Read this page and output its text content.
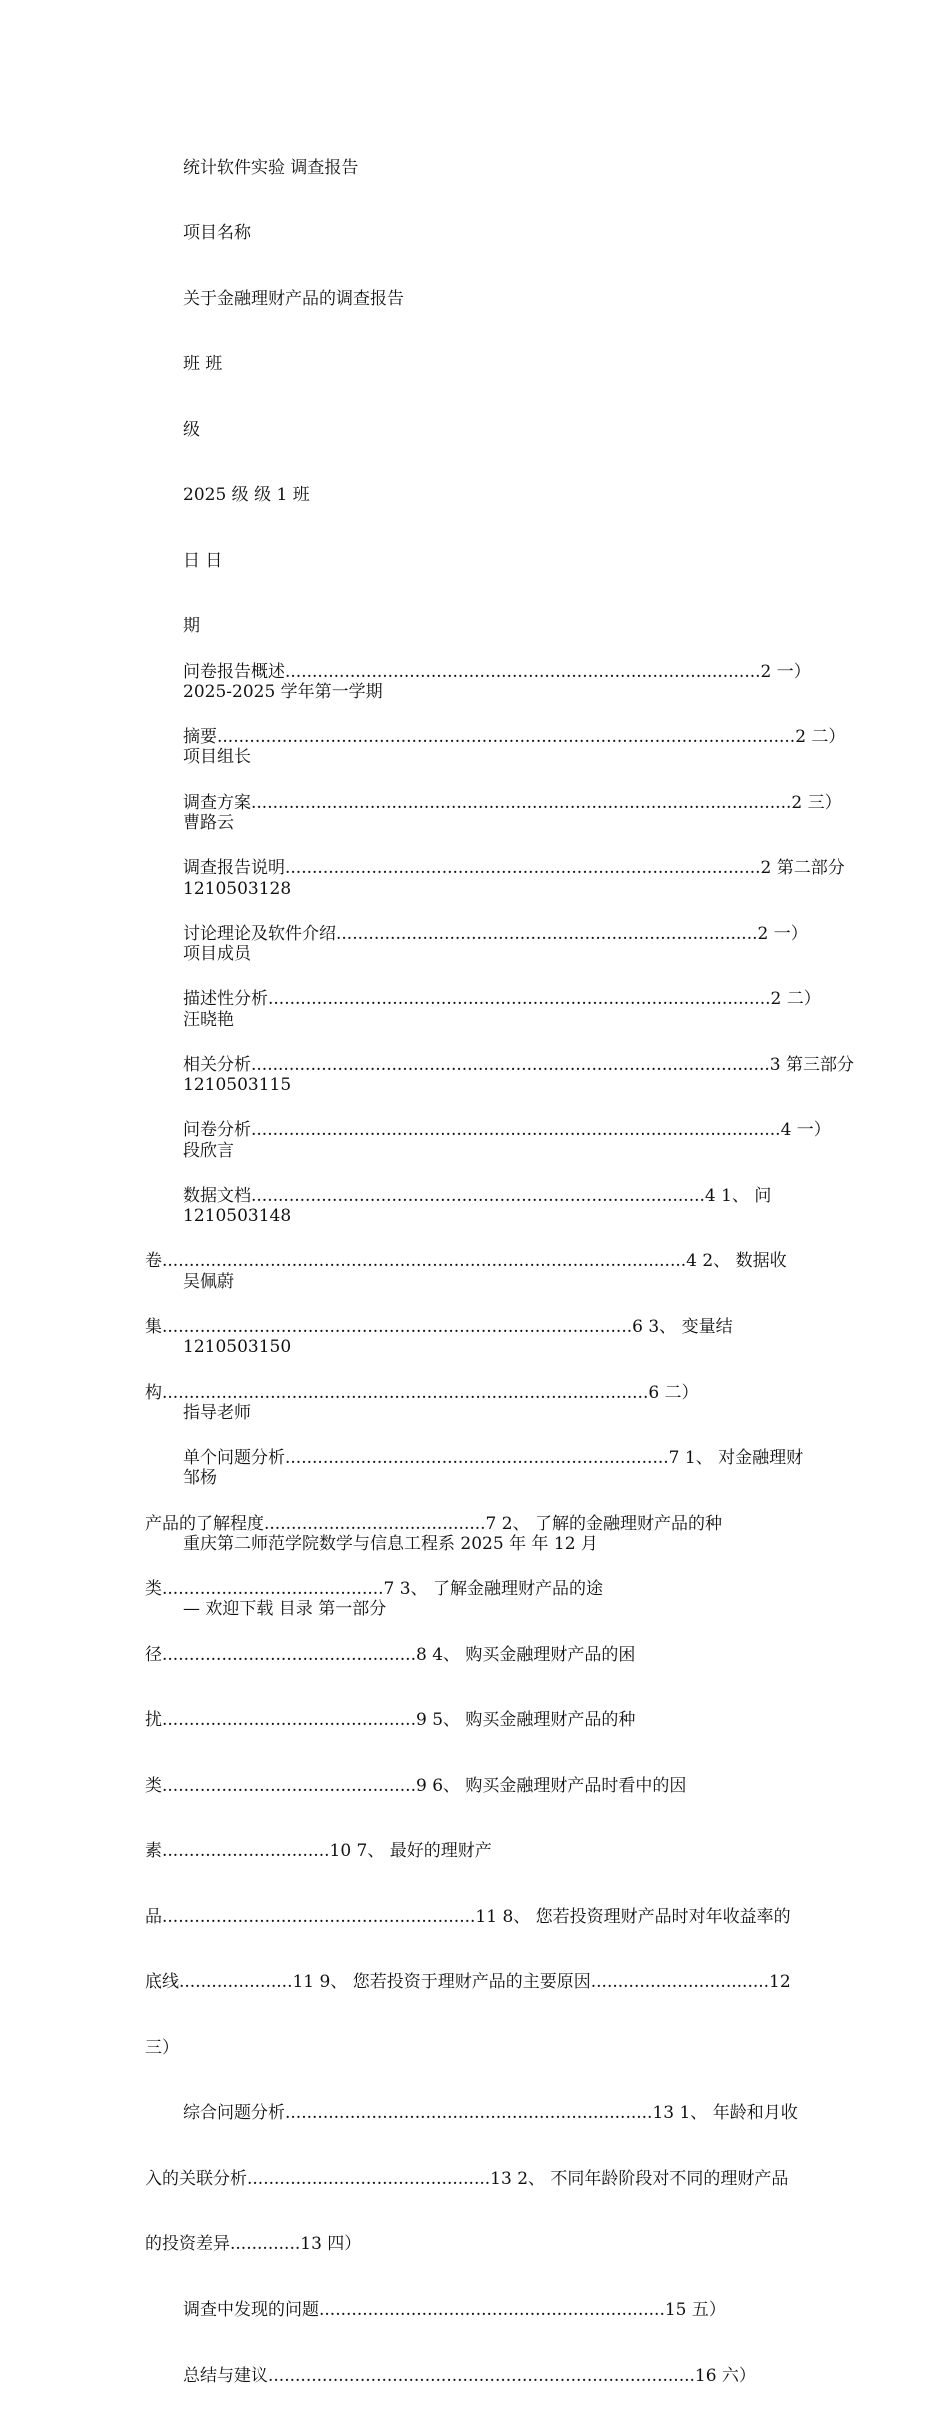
统计软件实验 调查报告

项目名称

关于金融理财产品的调查报告

班 班

级

2025 级 级 1 班

日 日

期

2025-2025 学年第一学期

项目组长

曹路云

1210503128

项目成员

汪晓艳

1210503115

段欣言

1210503148

吴佩蔚

1210503150

指导老师

邹杨

重庆第二师范学院数学与信息工程系 2025 年 年 12 月

— 欢迎下载 目录 第一部分

问卷报告概述........................................................................................2 一）

摘要...........................................................................................................2 二）

调查方案....................................................................................................2 三）

调查报告说明........................................................................................2 第二部分

讨论理论及软件介绍..............................................................................2 一）

描述性分析.............................................................................................2 二）

相关分析................................................................................................3 第三部分

问卷分析..................................................................................................4 一）

数据文档....................................................................................4 1、 问

卷.................................................................................................4 2、 数据收

集.......................................................................................6 3、 变量结

构..........................................................................................6 二）

单个问题分析.......................................................................7 1、 对金融理财

产品的了解程度.........................................7 2、 了解的金融理财产品的种

类.........................................7 3、 了解金融理财产品的途

径...............................................8 4、 购买金融理财产品的困

扰...............................................9 5、 购买金融理财产品的种

类...............................................9 6、 购买金融理财产品时看中的因

素...............................10 7、 最好的理财产

品..........................................................11 8、 您若投资理财产品时对年收益率的

底线.....................11 9、 您若投资于理财产品的主要原因.................................12

三）

综合问题分析....................................................................13 1、 年龄和月收

入的关联分析.............................................13 2、 不同年龄阶段对不同的理财产品

的投资差异.............13 四）

调查中发现的问题................................................................15 五）

总结与建议...............................................................................16 六）
